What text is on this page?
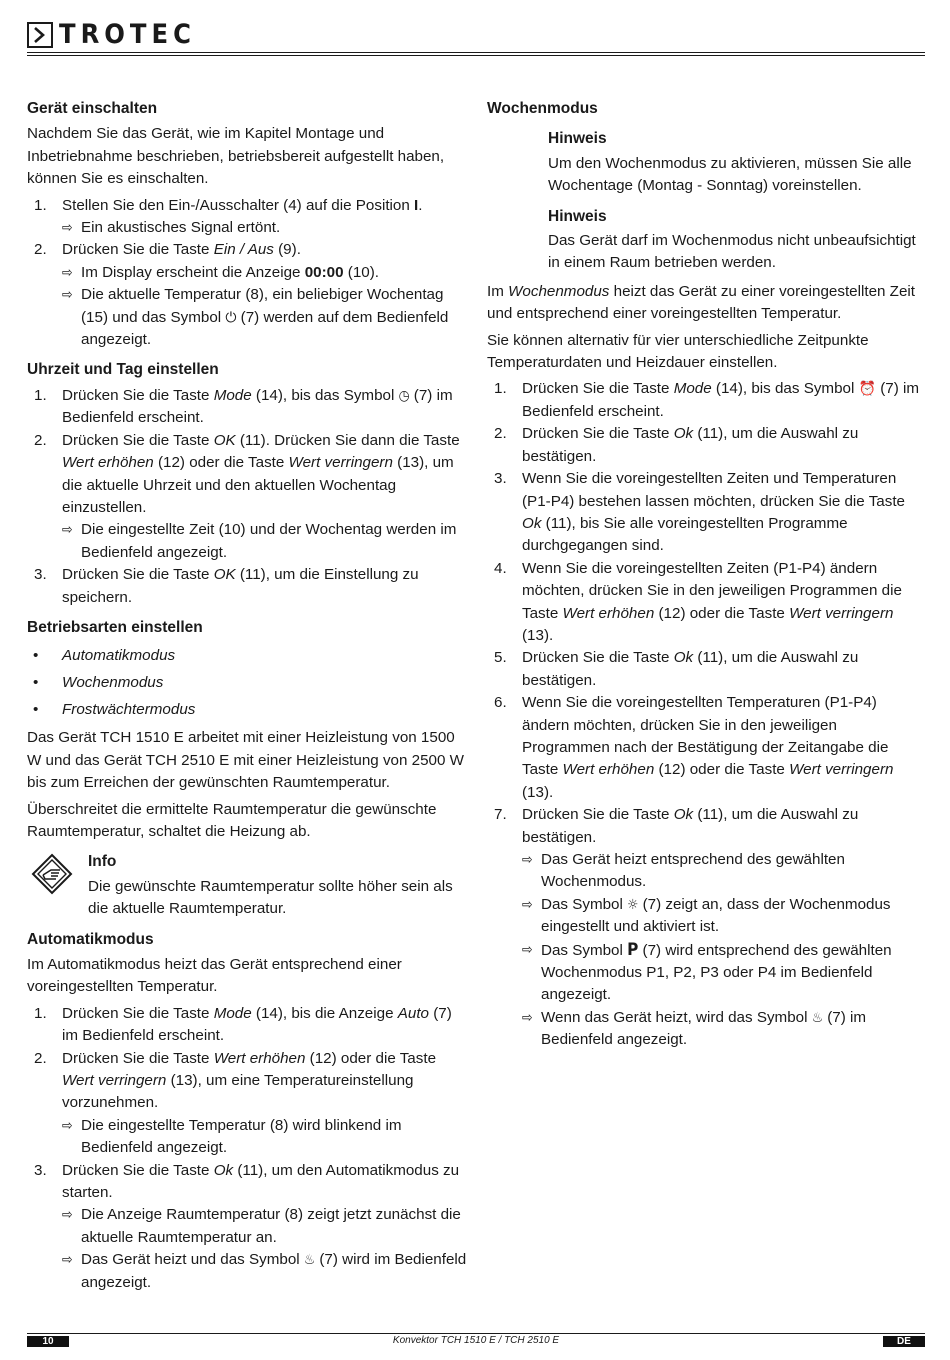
TROTEC
Gerät einschalten

Nachdem Sie das Gerät, wie im Kapitel Montage und Inbetriebnahme beschrieben, betriebsbereit aufgestellt haben, können Sie es einschalten.

1. Stellen Sie den Ein-/Ausschalter (4) auf die Position I.
⇨ Ein akustisches Signal ertönt.
2. Drücken Sie die Taste Ein / Aus (9).
⇨ Im Display erscheint die Anzeige 00:00 (10).
⇨ Die aktuelle Temperatur (8), ein beliebiger Wochentag (15) und das Symbol ⏻ (7) werden auf dem Bedienfeld angezeigt.
Uhrzeit und Tag einstellen
1. Drücken Sie die Taste Mode (14), bis das Symbol ◷ (7) im Bedienfeld erscheint.
2. Drücken Sie die Taste OK (11). Drücken Sie dann die Taste Wert erhöhen (12) oder die Taste Wert verringern (13), um die aktuelle Uhrzeit und den aktuellen Wochentag einzustellen.
⇨ Die eingestellte Zeit (10) und der Wochentag werden im Bedienfeld angezeigt.
3. Drücken Sie die Taste OK (11), um die Einstellung zu speichern.
Betriebsarten einstellen
• Automatikmodus
• Wochenmodus
• Frostwächtermodus

Das Gerät TCH 1510 E arbeitet mit einer Heizleistung von 1500 W und das Gerät TCH 2510 E mit einer Heizleistung von 2500 W bis zum Erreichen der gewünschten Raumtemperatur.

Überschreitet die ermittelte Raumtemperatur die gewünschte Raumtemperatur, schaltet die Heizung ab.

Info
Die gewünschte Raumtemperatur sollte höher sein als die aktuelle Raumtemperatur.
Automatikmodus

Im Automatikmodus heizt das Gerät entsprechend einer voreingestellten Temperatur.

1. Drücken Sie die Taste Mode (14), bis die Anzeige Auto (7) im Bedienfeld erscheint.
2. Drücken Sie die Taste Wert erhöhen (12) oder die Taste Wert verringern (13), um eine Temperatureinstellung vorzunehmen.
⇨ Die eingestellte Temperatur (8) wird blinkend im Bedienfeld angezeigt.
3. Drücken Sie die Taste Ok (11), um den Automatikmodus zu starten.
⇨ Die Anzeige Raumtemperatur (8) zeigt jetzt zunächst die aktuelle Raumtemperatur an.
⇨ Das Gerät heizt und das Symbol ♨ (7) wird im Bedienfeld angezeigt.
Wochenmodus
Hinweis
Um den Wochenmodus zu aktivieren, müssen Sie alle Wochentage (Montag - Sonntag) voreinstellen.
Hinweis
Das Gerät darf im Wochenmodus nicht unbeaufsichtigt in einem Raum betrieben werden.

Im Wochenmodus heizt das Gerät zu einer voreingestellten Zeit und entsprechend einer voreingestellten Temperatur.

Sie können alternativ für vier unterschiedliche Zeitpunkte Temperaturdaten und Heizdauer einstellen.

1. Drücken Sie die Taste Mode (14), bis das Symbol ⏰ (7) im Bedienfeld erscheint.
2. Drücken Sie die Taste Ok (11), um die Auswahl zu bestätigen.
3. Wenn Sie die voreingestellten Zeiten und Temperaturen (P1-P4) bestehen lassen möchten, drücken Sie die Taste Ok (11), bis Sie alle voreingestellten Programme durchgegangen sind.
4. Wenn Sie die voreingestellten Zeiten (P1-P4) ändern möchten, drücken Sie in den jeweiligen Programmen die Taste Wert erhöhen (12) oder die Taste Wert verringern (13).
5. Drücken Sie die Taste Ok (11), um die Auswahl zu bestätigen.
6. Wenn Sie die voreingestellten Temperaturen (P1-P4) ändern möchten, drücken Sie in den jeweiligen Programmen nach der Bestätigung der Zeitangabe die Taste Wert erhöhen (12) oder die Taste Wert verringern (13).
7. Drücken Sie die Taste Ok (11), um die Auswahl zu bestätigen.
⇨ Das Gerät heizt entsprechend des gewählten Wochenmodus.
⇨ Das Symbol ☼ (7) zeigt an, dass der Wochenmodus eingestellt und aktiviert ist.
⇨ Das Symbol P (7) wird entsprechend des gewählten Wochenmodus P1, P2, P3 oder P4 im Bedienfeld angezeigt.
⇨ Wenn das Gerät heizt, wird das Symbol ♨ (7) im Bedienfeld angezeigt.
10	Konvektor TCH 1510 E / TCH 2510 E	DE
